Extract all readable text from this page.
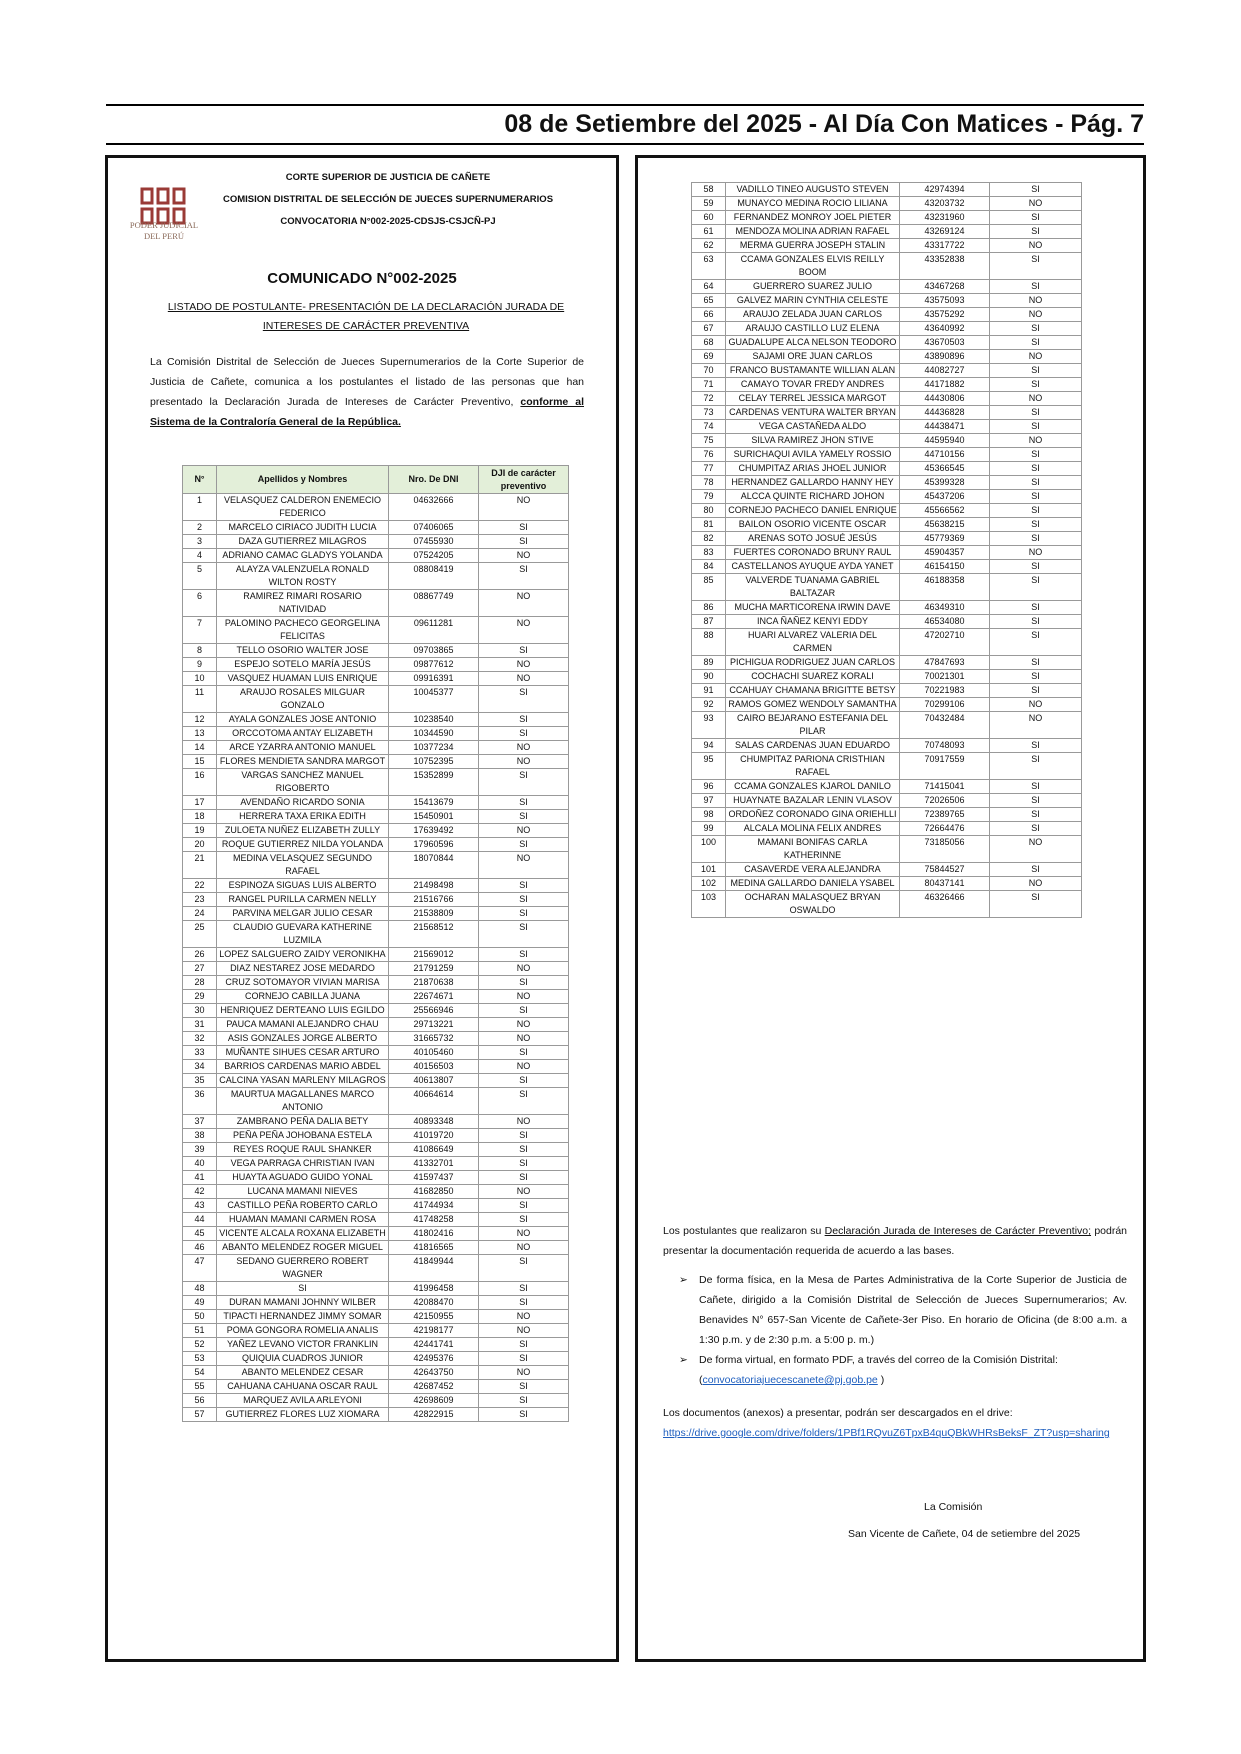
08 de Setiembre del 2025 - Al Día Con Matices - Pág. 7
PODER JUDICIAL
DEL PERÚ
CORTE SUPERIOR DE JUSTICIA DE CAÑETE
COMISION DISTRITAL DE SELECCIÓN DE JUECES SUPERNUMERARIOS
CONVOCATORIA N°002-2025-CDSJS-CSJCÑ-PJ
COMUNICADO N°002-2025
LISTADO DE POSTULANTE- PRESENTACIÓN DE LA DECLARACIÓN JURADA DE INTERESES DE CARÁCTER PREVENTIVA
La Comisión Distrital de Selección de Jueces Supernumerarios de la Corte Superior de Justicia de Cañete, comunica a los postulantes el listado de las personas que han presentado la Declaración Jurada de Intereses de Carácter Preventivo, conforme al Sistema de la Contraloría General de la República.
N°	Apellidos y Nombres	Nro. De DNI	DJI de carácter preventivo
1	VELASQUEZ CALDERON ENEMECIO FEDERICO	04632666	NO
2	MARCELO CIRIACO JUDITH LUCIA	07406065	SI
3	DAZA GUTIERREZ MILAGROS	07455930	SI
4	ADRIANO CAMAC GLADYS YOLANDA	07524205	NO
5	ALAYZA VALENZUELA RONALD WILTON ROSTY	08808419	SI
6	RAMIREZ RIMARI ROSARIO NATIVIDAD	08867749	NO
7	PALOMINO PACHECO GEORGELINA FELICITAS	09611281	NO
8	TELLO OSORIO WALTER JOSE	09703865	SI
9	ESPEJO SOTELO MARÍA JESÚS	09877612	NO
10	VASQUEZ HUAMAN LUIS ENRIQUE	09916391	NO
11	ARAUJO ROSALES MILGUAR GONZALO	10045377	SI
12	AYALA GONZALES JOSE ANTONIO	10238540	SI
13	ORCCOTOMA ANTAY ELIZABETH	10344590	SI
14	ARCE YZARRA ANTONIO MANUEL	10377234	NO
15	FLORES MENDIETA SANDRA MARGOT	10752395	NO
16	VARGAS SANCHEZ MANUEL RIGOBERTO	15352899	SI
17	AVENDAÑO RICARDO SONIA	15413679	SI
18	HERRERA TAXA ERIKA EDITH	15450901	SI
19	ZULOETA NUÑEZ ELIZABETH ZULLY	17639492	NO
20	ROQUE GUTIERREZ NILDA YOLANDA	17960596	SI
21	MEDINA VELASQUEZ SEGUNDO RAFAEL	18070844	NO
22	ESPINOZA SIGUAS LUIS ALBERTO	21498498	SI
23	RANGEL PURILLA CARMEN NELLY	21516766	SI
24	PARVINA MELGAR JULIO CESAR	21538809	SI
25	CLAUDIO GUEVARA KATHERINE LUZMILA	21568512	SI
26	LOPEZ SALGUERO ZAIDY VERONIKHA	21569012	SI
27	DIAZ NESTAREZ JOSE MEDARDO	21791259	NO
28	CRUZ SOTOMAYOR VIVIAN MARISA	21870638	SI
29	CORNEJO CABILLA JUANA	22674671	NO
30	HENRIQUEZ DERTEANO LUIS EGILDO	25566946	SI
31	PAUCA MAMANI ALEJANDRO CHAU	29713221	NO
32	ASIS GONZALES JORGE ALBERTO	31665732	NO
33	MUÑANTE SIHUES CESAR ARTURO	40105460	SI
34	BARRIOS CARDENAS MARIO ABDEL	40156503	NO
35	CALCINA YASAN MARLENY MILAGROS	40613807	SI
36	MAURTUA MAGALLANES MARCO ANTONIO	40664614	SI
37	ZAMBRANO PEÑA DALIA BETY	40893348	NO
38	PEÑA PEÑA JOHOBANA ESTELA	41019720	SI
39	REYES ROQUE RAUL SHANKER	41086649	SI
40	VEGA PARRAGA CHRISTIAN IVAN	41332701	SI
41	HUAYTA AGUADO GUIDO YONAL	41597437	SI
42	LUCANA MAMANI NIEVES	41682850	NO
43	CASTILLO PEÑA ROBERTO CARLO	41744934	SI
44	HUAMAN MAMANI CARMEN ROSA	41748258	SI
45	VICENTE ALCALA ROXANA ELIZABETH	41802416	NO
46	ABANTO MELENDEZ ROGER MIGUEL	41816565	NO
47	SEDANO GUERRERO ROBERT WAGNER	41849944	SI
48	SI	41996458	SI
49	DURAN MAMANI JOHNNY WILBER	42088470	SI
50	TIPACTI HERNANDEZ JIMMY SOMAR	42150955	NO
51	POMA GONGORA ROMELIA ANALIS	42198177	NO
52	YAÑEZ LEVANO VICTOR FRANKLIN	42441741	SI
53	QUIQUIA CUADROS JUNIOR	42495376	SI
54	ABANTO MELENDEZ CESAR	42643750	NO
55	CAHUANA CAHUANA OSCAR RAUL	42687452	SI
56	MARQUEZ AVILA ARLEYONI	42698609	SI
57	GUTIERREZ FLORES LUZ XIOMARA	42822915	SI
58	VADILLO TINEO AUGUSTO STEVEN	42974394	SI
59	MUNAYCO MEDINA ROCIO LILIANA	43203732	NO
60	FERNANDEZ MONROY JOEL PIETER	43231960	SI
61	MENDOZA MOLINA ADRIAN RAFAEL	43269124	SI
62	MERMA GUERRA JOSEPH STALIN	43317722	NO
63	CCAMA GONZALES ELVIS REILLY BOOM	43352838	SI
64	GUERRERO SUAREZ JULIO	43467268	SI
65	GALVEZ MARIN CYNTHIA CELESTE	43575093	NO
66	ARAUJO ZELADA JUAN CARLOS	43575292	NO
67	ARAUJO CASTILLO LUZ ELENA	43640992	SI
68	GUADALUPE ALCA NELSON TEODORO	43670503	SI
69	SAJAMI ORE JUAN CARLOS	43890896	NO
70	FRANCO BUSTAMANTE WILLIAN ALAN	44082727	SI
71	CAMAYO TOVAR FREDY ANDRES	44171882	SI
72	CELAY TERREL JESSICA MARGOT	44430806	NO
73	CARDENAS VENTURA WALTER BRYAN	44436828	SI
74	VEGA CASTAÑEDA ALDO	44438471	SI
75	SILVA RAMIREZ JHON STIVE	44595940	NO
76	SURICHAQUI AVILA YAMELY ROSSIO	44710156	SI
77	CHUMPITAZ ARIAS JHOEL JUNIOR	45366545	SI
78	HERNANDEZ GALLARDO HANNY HEY	45399328	SI
79	ALCCA QUINTE RICHARD JOHON	45437206	SI
80	CORNEJO PACHECO DANIEL ENRIQUE	45566562	SI
81	BAILON OSORIO VICENTE OSCAR	45638215	SI
82	ARENAS SOTO JOSUÉ JESÚS	45779369	SI
83	FUERTES CORONADO BRUNY RAUL	45904357	NO
84	CASTELLANOS AYUQUE AYDA YANET	46154150	SI
85	VALVERDE TUANAMA GABRIEL BALTAZAR	46188358	SI
86	MUCHA MARTICORENA IRWIN DAVE	46349310	SI
87	INCA ÑAÑEZ KENYI EDDY	46534080	SI
88	HUARI ALVAREZ VALERIA DEL CARMEN	47202710	SI
89	PICHIGUA RODRIGUEZ JUAN CARLOS	47847693	SI
90	COCHACHI SUAREZ KORALI	70021301	SI
91	CCAHUAY CHAMANA BRIGITTE BETSY	70221983	SI
92	RAMOS GOMEZ WENDOLY SAMANTHA	70299106	NO
93	CAIRO BEJARANO ESTEFANIA DEL PILAR	70432484	NO
94	SALAS CARDENAS JUAN EDUARDO	70748093	SI
95	CHUMPITAZ PARIONA CRISTHIAN RAFAEL	70917559	SI
96	CCAMA GONZALES KJAROL DANILO	71415041	SI
97	HUAYNATE BAZALAR LENIN VLASOV	72026506	SI
98	ORDOÑEZ CORONADO GINA ORIEHLLI	72389765	SI
99	ALCALA MOLINA FELIX ANDRES	72664476	SI
100	MAMANI BONIFAS CARLA KATHERINNE	73185056	NO
101	CASAVERDE VERA ALEJANDRA	75844527	SI
102	MEDINA GALLARDO DANIELA YSABEL	80437141	NO
103	OCHARAN MALASQUEZ BRYAN OSWALDO	46326466	SI
Los postulantes que realizaron su Declaración Jurada de Intereses de Carácter Preventivo; podrán presentar la documentación requerida de acuerdo a las bases.
➢ De forma física, en la Mesa de Partes Administrativa de la Corte Superior de Justicia de Cañete, dirigido a la Comisión Distrital de Selección de Jueces Supernumerarios; Av. Benavides N° 657-San Vicente de Cañete-3er Piso. En horario de Oficina (de 8:00 a.m. a 1:30 p.m. y de 2:30 p.m. a 5:00 p. m.)
➢ De forma virtual, en formato PDF, a través del correo de la Comisión Distrital:
(convocatoriajuecescanete@pj.gob.pe )
Los documentos (anexos) a presentar, podrán ser descargados en el drive:
https://drive.google.com/drive/folders/1PBf1RQvuZ6TpxB4quQBkWHRsBeksF_ZT?usp=sharing
La Comisión
San Vicente de Cañete, 04 de setiembre del 2025
